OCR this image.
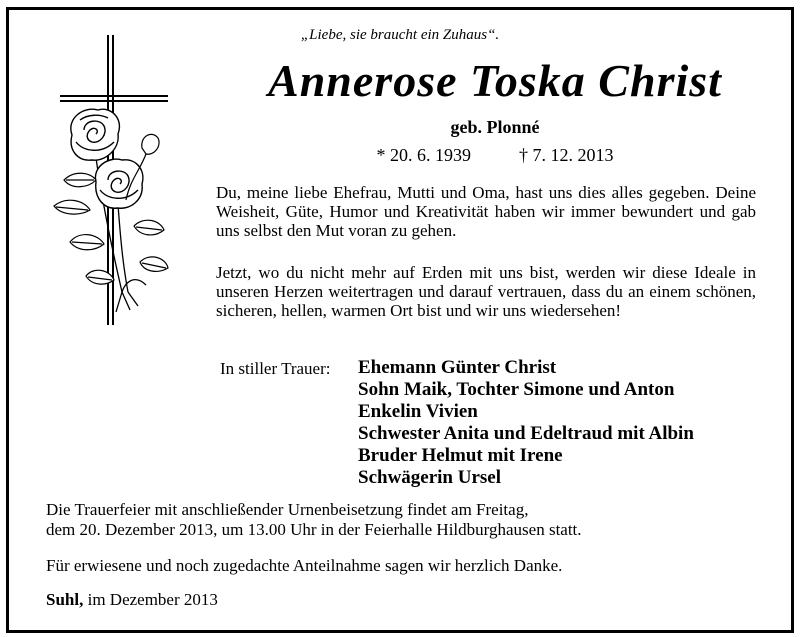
„Liebe, sie braucht ein Zuhaus“.
Annerose Toska Christ
geb. Plonné
* 20. 6. 1939	† 7. 12. 2013

Du, meine liebe Ehefrau, Mutti und Oma, hast uns dies alles gegeben. Deine Weisheit, Güte, Humor und Kreativität haben wir immer bewundert und gab uns selbst den Mut voran zu gehen.

Jetzt, wo du nicht mehr auf Erden mit uns bist, werden wir diese Ideale in unseren Herzen weitertragen und darauf vertrauen, dass du an einem schönen, sicheren, hellen, warmen Ort bist und wir uns wiedersehen!

In stiller Trauer: Ehemann Günter Christ
Sohn Maik, Tochter Simone und Anton
Enkelin Vivien
Schwester Anita und Edeltraud mit Albin
Bruder Helmut mit Irene
Schwägerin Ursel

Die Trauerfeier mit anschließender Urnenbeisetzung findet am Freitag,
dem 20. Dezember 2013, um 13.00 Uhr in der Feierhalle Hildburghausen statt.

Für erwiesene und noch zugedachte Anteilnahme sagen wir herzlich Danke.

Suhl, im Dezember 2013
